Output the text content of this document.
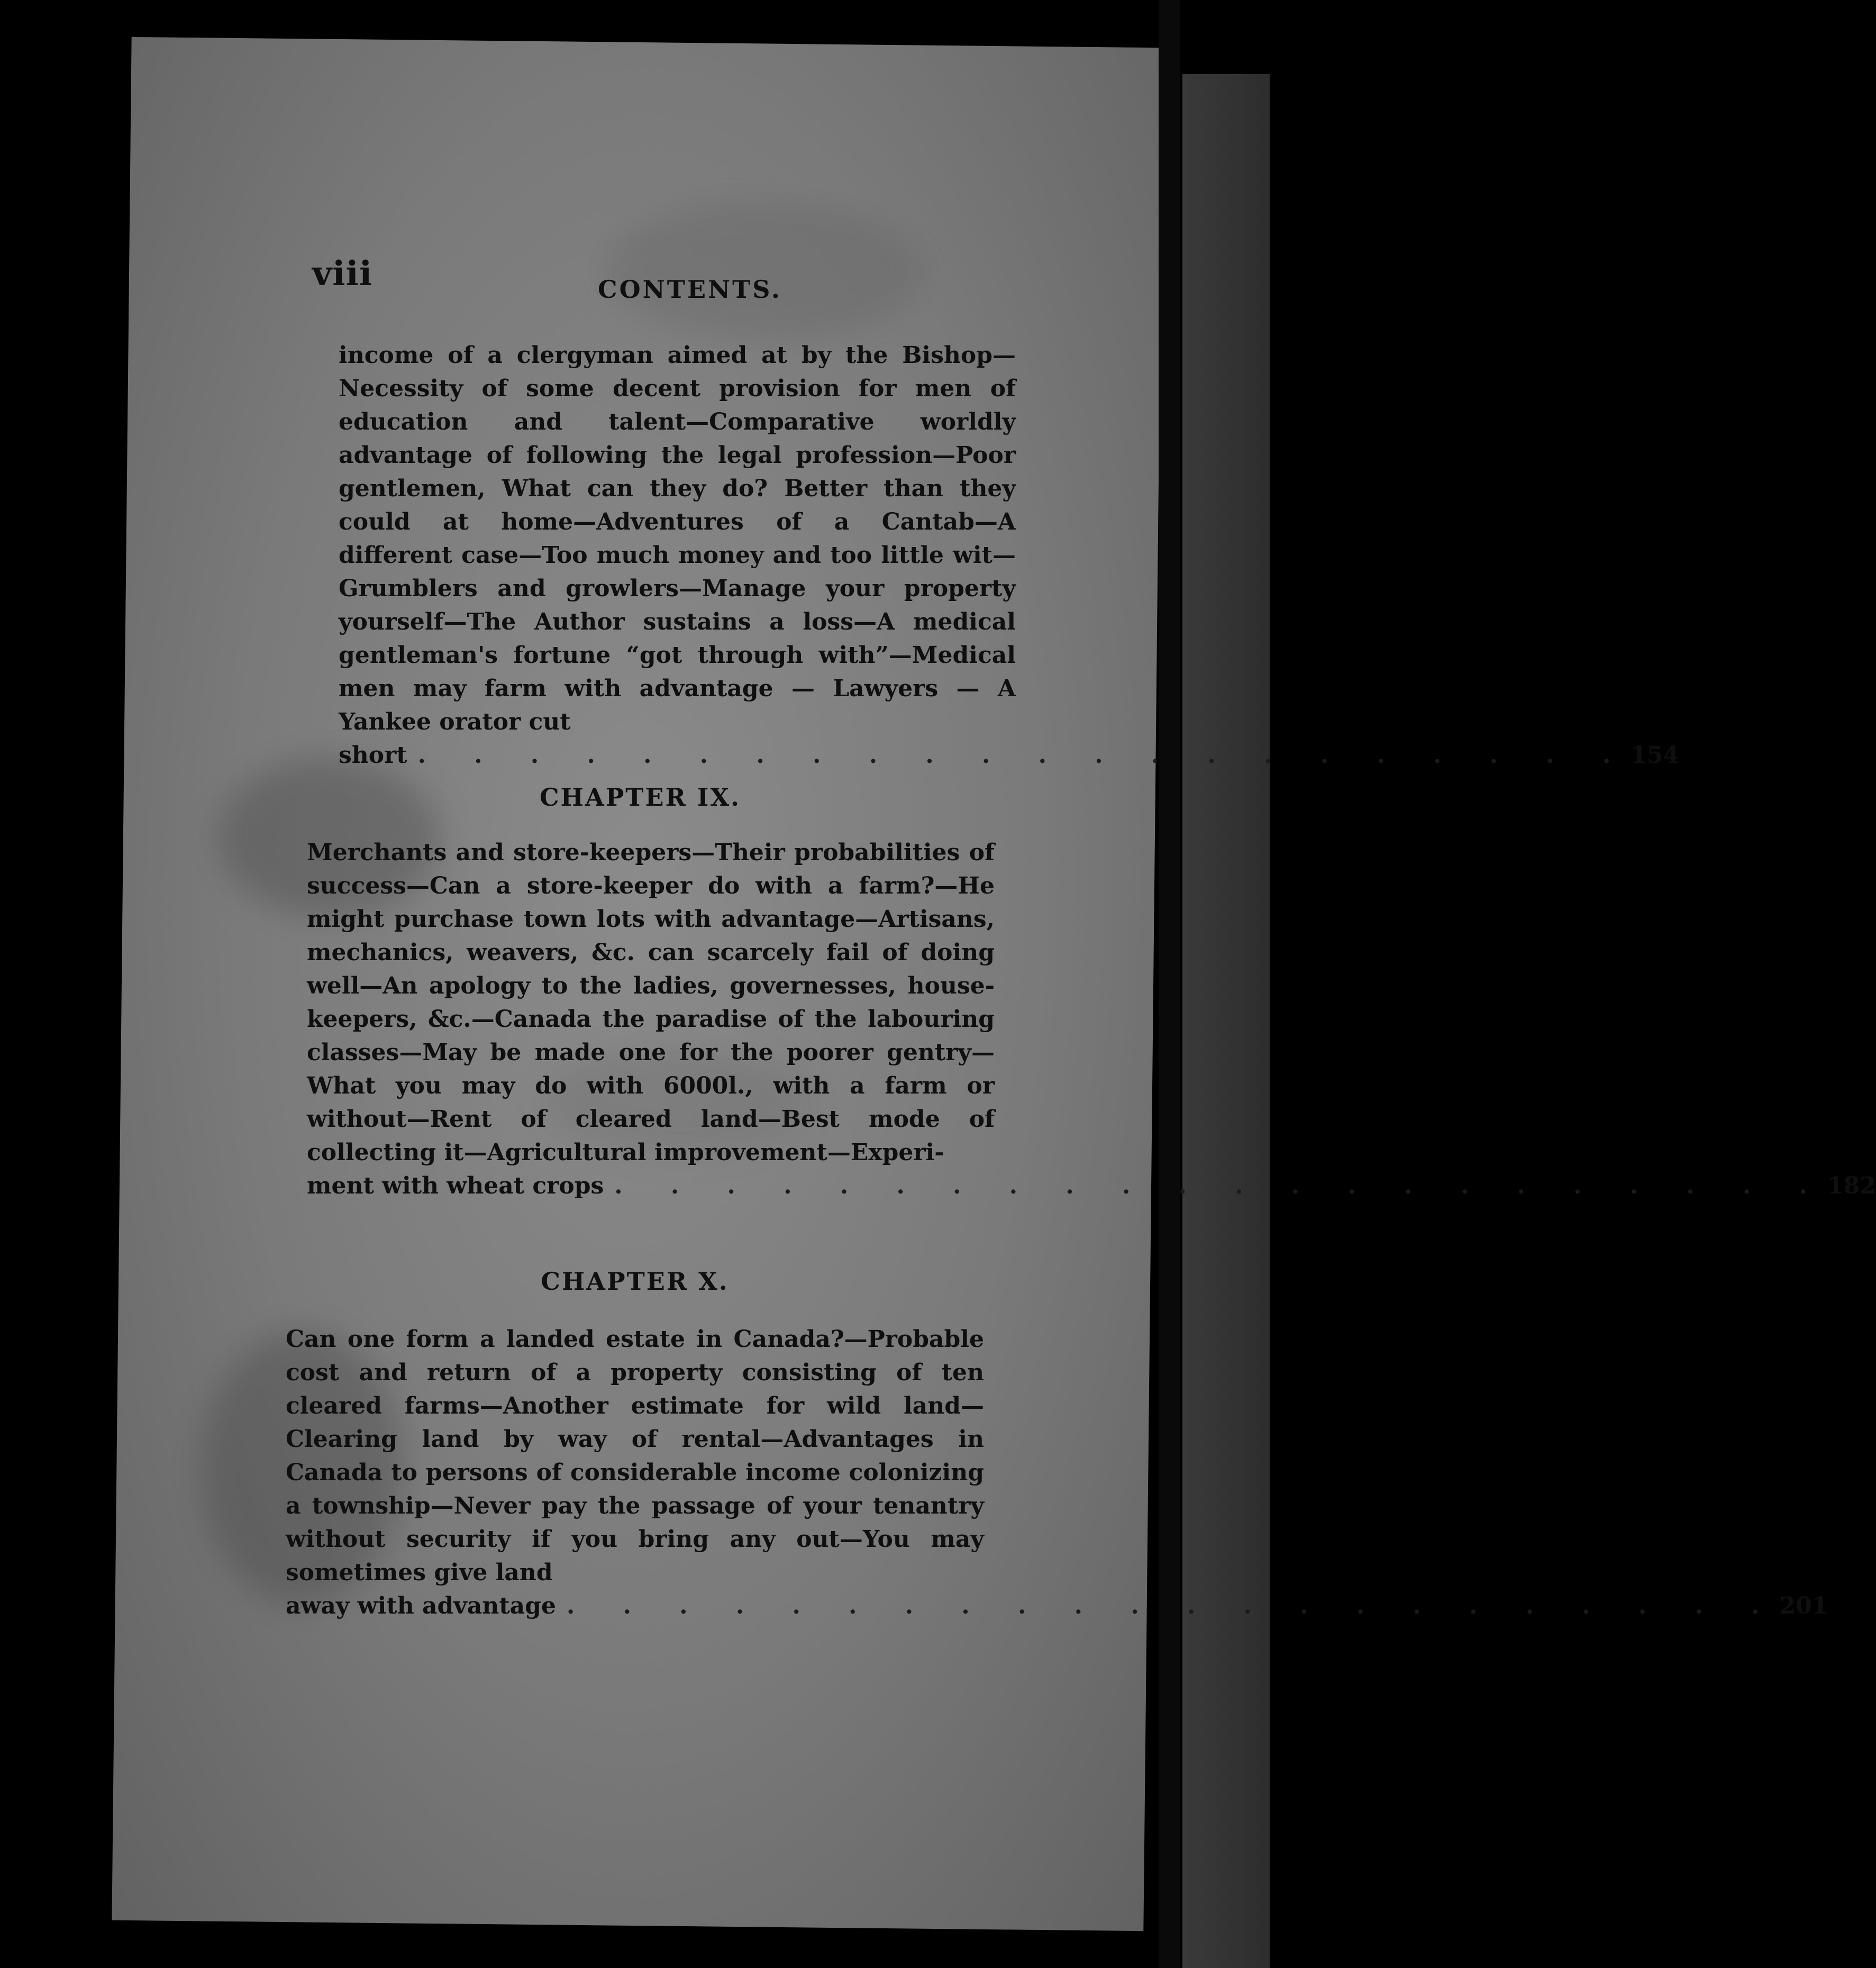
viii	CONTENTS.
income of a clergyman aimed at by the Bishop—Necessity of some decent provision for men of education and talent—Comparative worldly advantage of following the legal profession—Poor gentlemen, What can they do? Better than they could at home—Adventures of a Cantab—A different case—Too much money and too little wit—Grumblers and growlers—Manage your property yourself—The Author sustains a loss—A medical gentleman's fortune “got through with”—Medical men may farm with advantage — Lawyers — A Yankee orator cut
short . . . . . . . . . . . . . . . . . . . . . . 154
CHAPTER IX.
Merchants and store-keepers—Their probabilities of success—Can a store-keeper do with a farm?—He might purchase town lots with advantage—Artisans, mechanics, weavers, &c. can scarcely fail of doing well—An apology to the ladies, governesses, house-keepers, &c.—Canada the paradise of the labouring classes—May be made one for the poorer gentry—What you may do with 6000l., with a farm or without—Rent of cleared land—Best mode of collecting it—Agricultural improvement—Experi-
ment with wheat crops . . . . . . . . . . . . . . . . . . . . . . 182
CHAPTER X.
Can one form a landed estate in Canada?—Probable cost and return of a property consisting of ten cleared farms—Another estimate for wild land—Clearing land by way of rental—Advantages in Canada to persons of considerable income colonizing a township—Never pay the passage of your tenantry without security if you bring any out—You may sometimes give land
away with advantage . . . . . . . . . . . . . . . . . . . . . . 201
